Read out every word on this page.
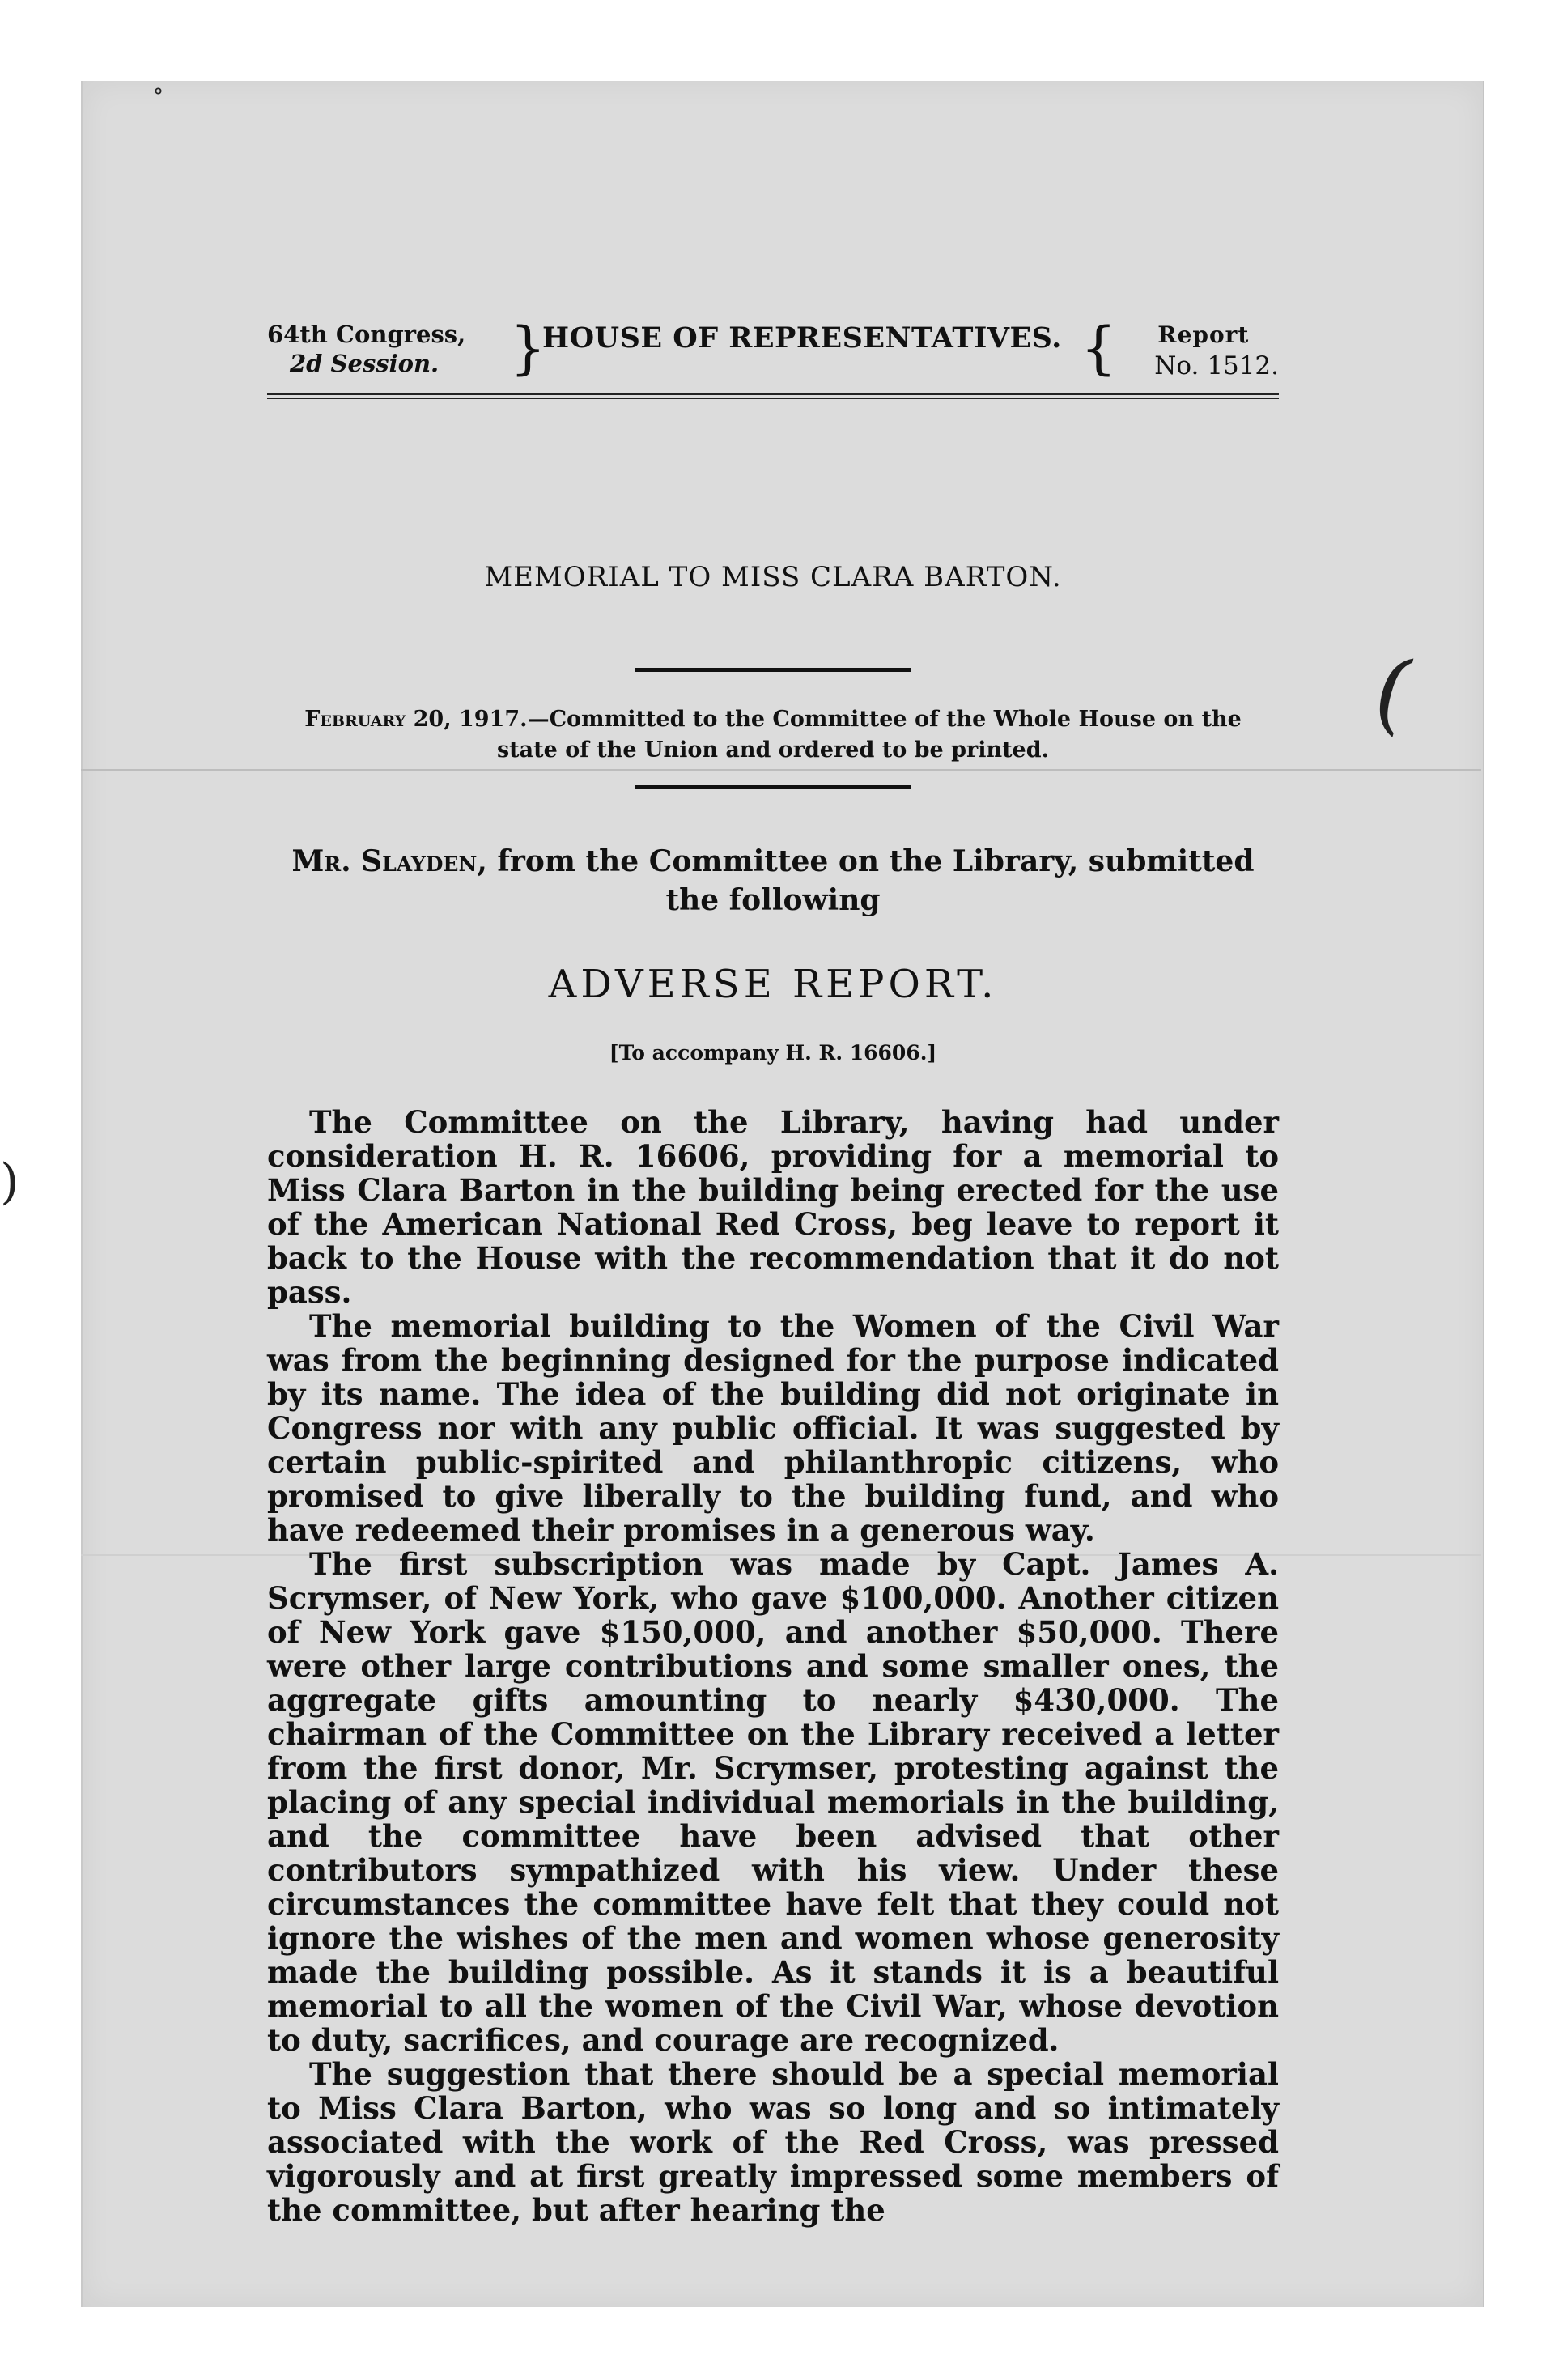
˚
(
)
64th Congress,
2d Session.	}
HOUSE OF REPRESENTATIVES. { Report
No. 1512.
MEMORIAL TO MISS CLARA BARTON.
February 20, 1917.—Committed to the Committee of the Whole House on the state of the Union and ordered to be printed.
Mr. Slayden, from the Committee on the Library, submitted the following
ADVERSE REPORT.
[To accompany H. R. 16606.]

The Committee on the Library, having had under consideration H. R. 16606, providing for a memorial to Miss Clara Barton in the building being erected for the use of the American National Red Cross, beg leave to report it back to the House with the recommendation that it do not pass.

The memorial building to the Women of the Civil War was from the beginning designed for the purpose indicated by its name. The idea of the building did not originate in Congress nor with any public official. It was suggested by certain public-spirited and philanthropic citizens, who promised to give liberally to the building fund, and who have redeemed their promises in a generous way.

The first subscription was made by Capt. James A. Scrymser, of New York, who gave $100,000. Another citizen of New York gave $150,000, and another $50,000. There were other large contributions and some smaller ones, the aggregate gifts amounting to nearly $430,000. The chairman of the Committee on the Library received a letter from the first donor, Mr. Scrymser, protesting against the placing of any special individual memorials in the building, and the committee have been advised that other contributors sympathized with his view. Under these circumstances the committee have felt that they could not ignore the wishes of the men and women whose generosity made the building possible. As it stands it is a beautiful memorial to all the women of the Civil War, whose devotion to duty, sacrifices, and courage are recognized.

The suggestion that there should be a special memorial to Miss Clara Barton, who was so long and so intimately associated with the work of the Red Cross, was pressed vigorously and at first greatly impressed some members of the committee, but after hearing the
